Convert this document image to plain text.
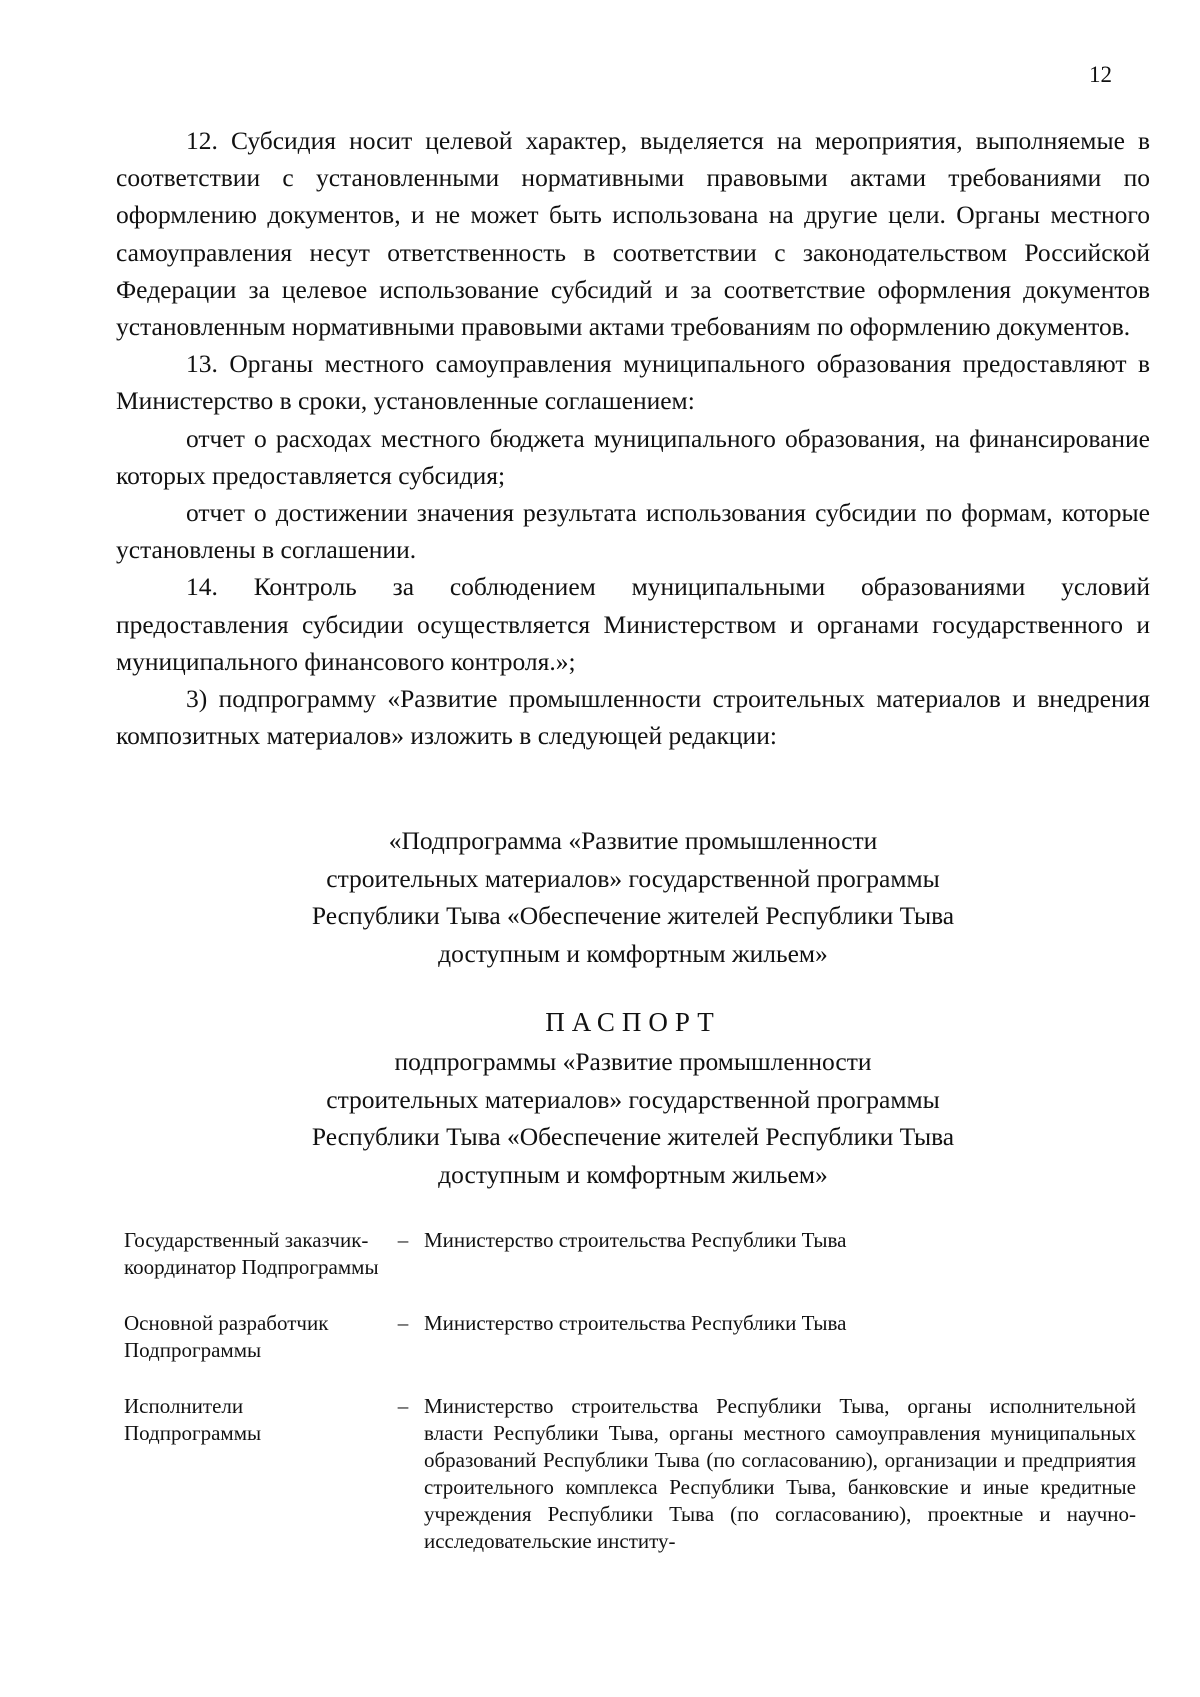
12

12. Субсидия носит целевой характер, выделяется на мероприятия, выполняемые в соответствии с установленными нормативными правовыми актами требованиями по оформлению документов, и не может быть использована на другие цели. Органы местного самоуправления несут ответственность в соответствии с законодательством Российской Федерации за целевое использование субсидий и за соответствие оформления документов установленным нормативными правовыми актами требованиям по оформлению документов.

13. Органы местного самоуправления муниципального образования предоставляют в Министерство в сроки, установленные соглашением:

отчет о расходах местного бюджета муниципального образования, на финансирование которых предоставляется субсидия;

отчет о достижении значения результата использования субсидии по формам, которые установлены в соглашении.

14. Контроль за соблюдением муниципальными образованиями условий предоставления субсидии осуществляется Министерством и органами государственного и муниципального финансового контроля.»;

3) подпрограмму «Развитие промышленности строительных материалов и внедрения композитных материалов» изложить в следующей редакции:

«Подпрограмма «Развитие промышленности
строительных материалов» государственной программы
Республики Тыва «Обеспечение жителей Республики Тыва
доступным и комфортным жильем»
ПАСПОРТ
подпрограммы «Развитие промышленности
строительных материалов» государственной программы
Республики Тыва «Обеспечение жителей Республики Тыва
доступным и комфортным жильем»
Государственный заказчик-координатор Подпрограммы
– Министерство строительства Республики Тыва
Основной разработчик Подпрограммы
– Министерство строительства Республики Тыва
Исполнители Подпрограммы
– Министерство строительства Республики Тыва, органы исполнительной власти Республики Тыва, органы местного самоуправления муниципальных образований Республики Тыва (по согласованию), организации и предприятия строительного комплекса Республики Тыва, банковские и иные кредитные учреждения Республики Тыва (по согласованию), проектные и научно-исследовательские институ-
